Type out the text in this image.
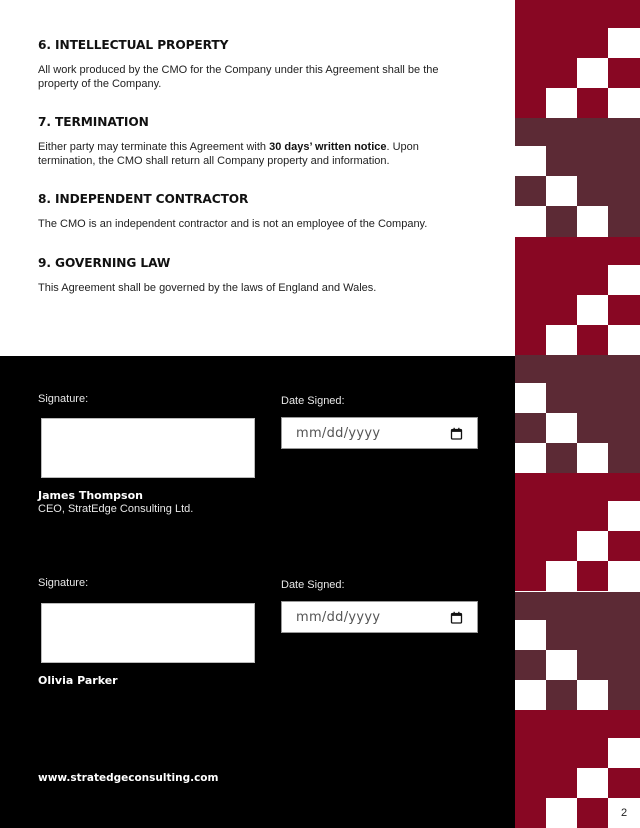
6. INTELLECTUAL PROPERTY

All work produced by the CMO for the Company under this Agreement shall be the property of the Company.

7. TERMINATION

Either party may terminate this Agreement with 30 days’ written notice. Upon termination, the CMO shall return all Company property and information.

8. INDEPENDENT CONTRACTOR

The CMO is an independent contractor and is not an employee of the Company.

9. GOVERNING LAW

This Agreement shall be governed by the laws of England and Wales.

Signature:	Date Signed:
mm/dd/yyyy
James Thompson
CEO, StratEdge Consulting Ltd.
Signature:	Date Signed:
mm/dd/yyyy
Olivia Parker
www.stratedgeconsulting.com
2
